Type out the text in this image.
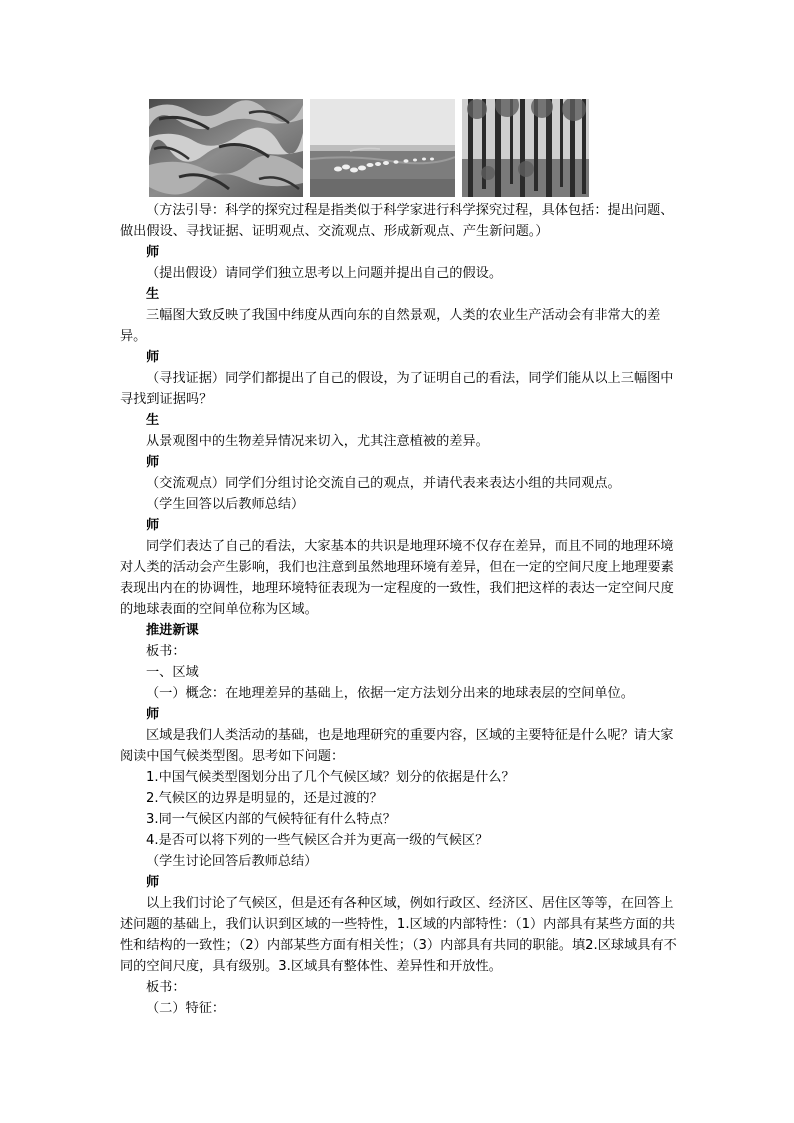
（方法引导：科学的探究过程是指类似于科学家进行科学探究过程，具体包括：提出问题、做出假设、寻找证据、证明观点、交流观点、形成新观点、产生新问题。）

师

（提出假设）请同学们独立思考以上问题并提出自己的假设。

生

三幅图大致反映了我国中纬度从西向东的自然景观，人类的农业生产活动会有非常大的差异。

师

（寻找证据）同学们都提出了自己的假设，为了证明自己的看法，同学们能从以上三幅图中寻找到证据吗？

生

从景观图中的生物差异情况来切入，尤其注意植被的差异。

师

（交流观点）同学们分组讨论交流自己的观点，并请代表来表达小组的共同观点。

（学生回答以后教师总结）

师

同学们表达了自己的看法，大家基本的共识是地理环境不仅存在差异，而且不同的地理环境对人类的活动会产生影响，我们也注意到虽然地理环境有差异，但在一定的空间尺度上地理要素表现出内在的协调性，地理环境特征表现为一定程度的一致性，我们把这样的表达一定空间尺度的地球表面的空间单位称为区域。

推进新课

板书：

一、区域

（一）概念：在地理差异的基础上，依据一定方法划分出来的地球表层的空间单位。

师

区域是我们人类活动的基础，也是地理研究的重要内容，区域的主要特征是什么呢？请大家阅读中国气候类型图。思考如下问题：

1.中国气候类型图划分出了几个气候区域？划分的依据是什么？

2.气候区的边界是明显的，还是过渡的？

3.同一气候区内部的气候特征有什么特点？

4.是否可以将下列的一些气候区合并为更高一级的气候区？

（学生讨论回答后教师总结）

师

以上我们讨论了气候区，但是还有各种区域，例如行政区、经济区、居住区等等，在回答上述问题的基础上，我们认识到区域的一些特性，1.区域的内部特性：（1）内部具有某些方面的共性和结构的一致性；（2）内部某些方面有相关性；（3）内部具有共同的职能。填2.区球域具有不同的空间尺度，具有级别。3.区域具有整体性、差异性和开放性。

板书：

（二）特征：
